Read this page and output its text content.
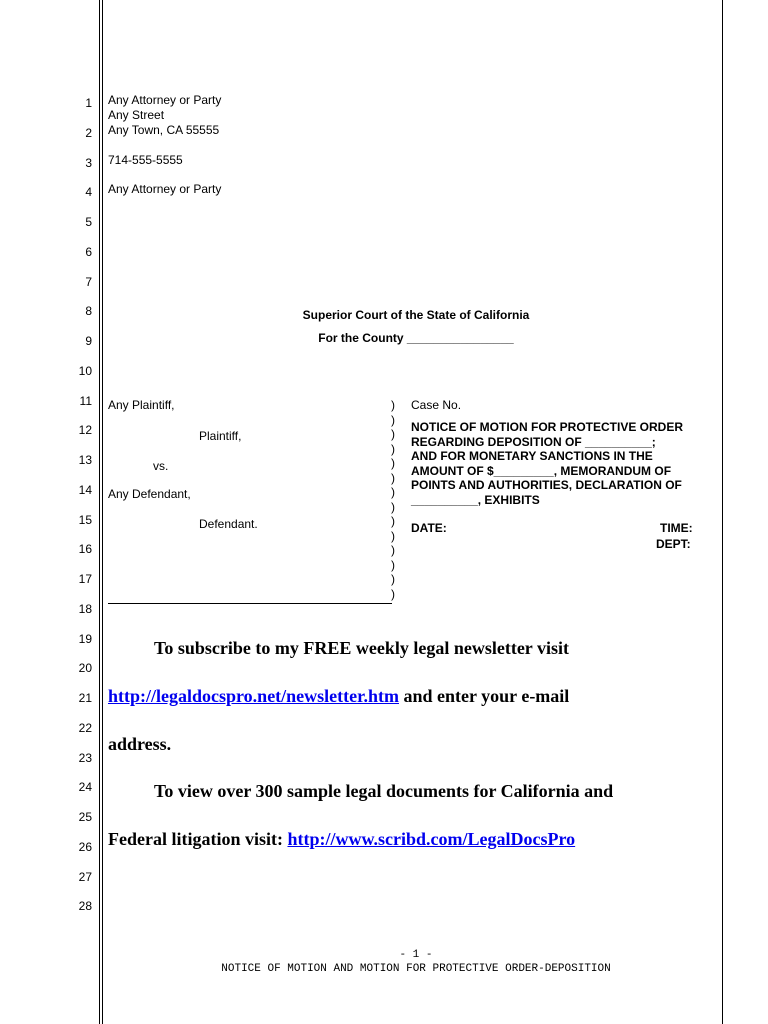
1
2
3
4
5
6
7
8
9
10
11
12
13
14
15
16
17
18
19
20
21
22
23
24
25
26
27
28
Any Attorney or Party
Any Street
Any Town, CA 55555
714-555-5555
Any Attorney or Party
Superior Court of the State of California
For the County ________________
Any Plaintiff,
Plaintiff,
vs.
Any Defendant,
Defendant.
)
)
)
)
)
)
)
)
)
)
)
)
)
)
Case No.
NOTICE OF MOTION FOR PROTECTIVE ORDER
REGARDING DEPOSITION OF __________;
AND FOR MONETARY SANCTIONS IN THE
AMOUNT OF $_________, MEMORANDUM OF
POINTS AND AUTHORITIES, DECLARATION OF
__________, EXHIBITS
DATE:	TIME:
DEPT:
To subscribe to my FREE weekly legal newsletter visit
http://legaldocspro.net/newsletter.htm and enter your e-mail
address.
To view over 300 sample legal documents for California and
Federal litigation visit: http://www.scribd.com/LegalDocsPro
- 1 -
NOTICE OF MOTION AND MOTION FOR PROTECTIVE ORDER-DEPOSITION
